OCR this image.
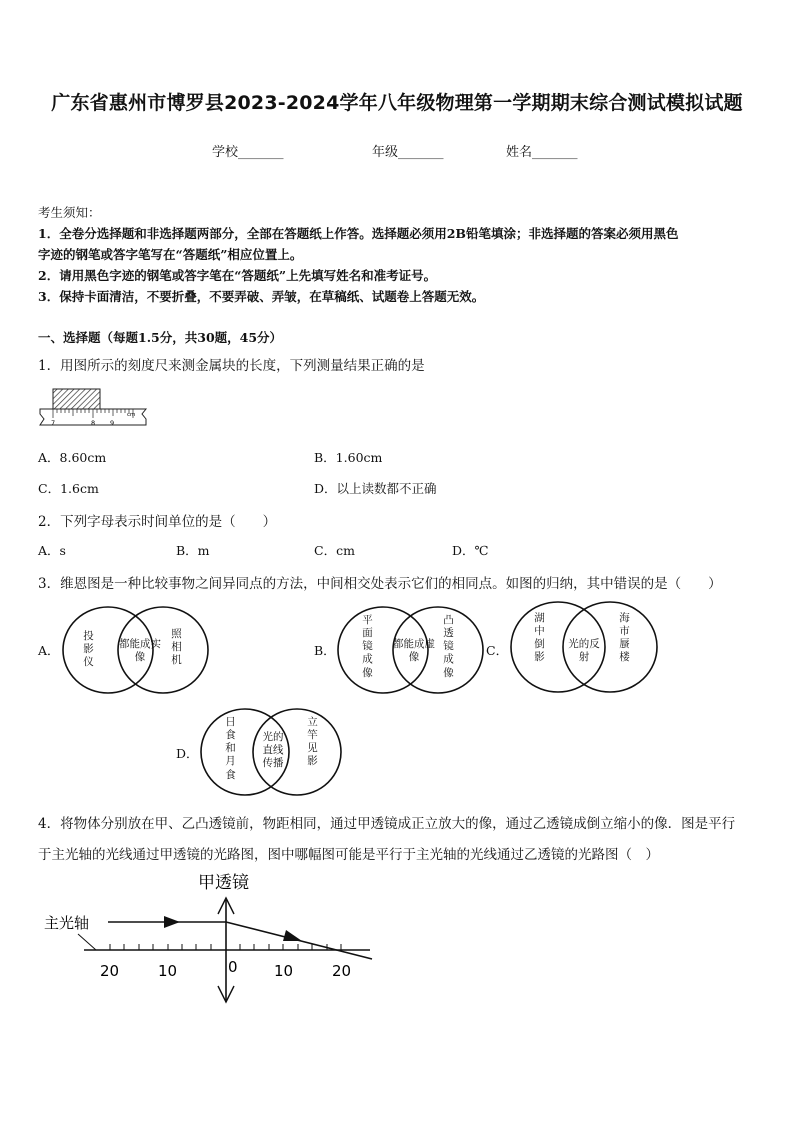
广东省惠州市博罗县2023-2024学年八年级物理第一学期期末综合测试模拟试题
学校_______	年级_______	姓名_______
考生须知：
1．全卷分选择题和非选择题两部分，全部在答题纸上作答。选择题必须用2B铅笔填涂；非选择题的答案必须用黑色
字迹的钢笔或答字笔写在“答题纸”相应位置上。
2．请用黑色字迹的钢笔或答字笔在“答题纸”上先填写姓名和准考证号。
3．保持卡面清洁，不要折叠，不要弄破、弄皱，在草稿纸、试题卷上答题无效。
一、选择题（每题1.5分，共30题，45分）
1．用图所示的刻度尺来测金属块的长度，下列测量结果正确的是
7	8 9
cm
A．8.60cm	B．1.60cm
C．1.6cm	D．以上读数都不正确
2．下列字母表示时间单位的是（　　）
A．s	B．m	C．cm	D．℃
3．维恩图是一种比较事物之间异同点的方法，中间相交处表示它们的相同点。如图的归纳，其中错误的是（　　）
A．
投影仪
都能成实像
照相机
B．
平面镜成像
都能成虚像
凸透镜成像
C．
湖中倒影
光的反射
海市蜃楼
D．
日食和月食
光的直线传播
立竿见影
4．将物体分别放在甲、乙凸透镜前，物距相同，通过甲透镜成正立放大的像，通过乙透镜成倒立缩小的像．图是平行
于主光轴的光线通过甲透镜的光路图，图中哪幅图可能是平行于主光轴的光线通过乙透镜的光路图（　）
甲透镜
主光轴
20	10	0 10	20
